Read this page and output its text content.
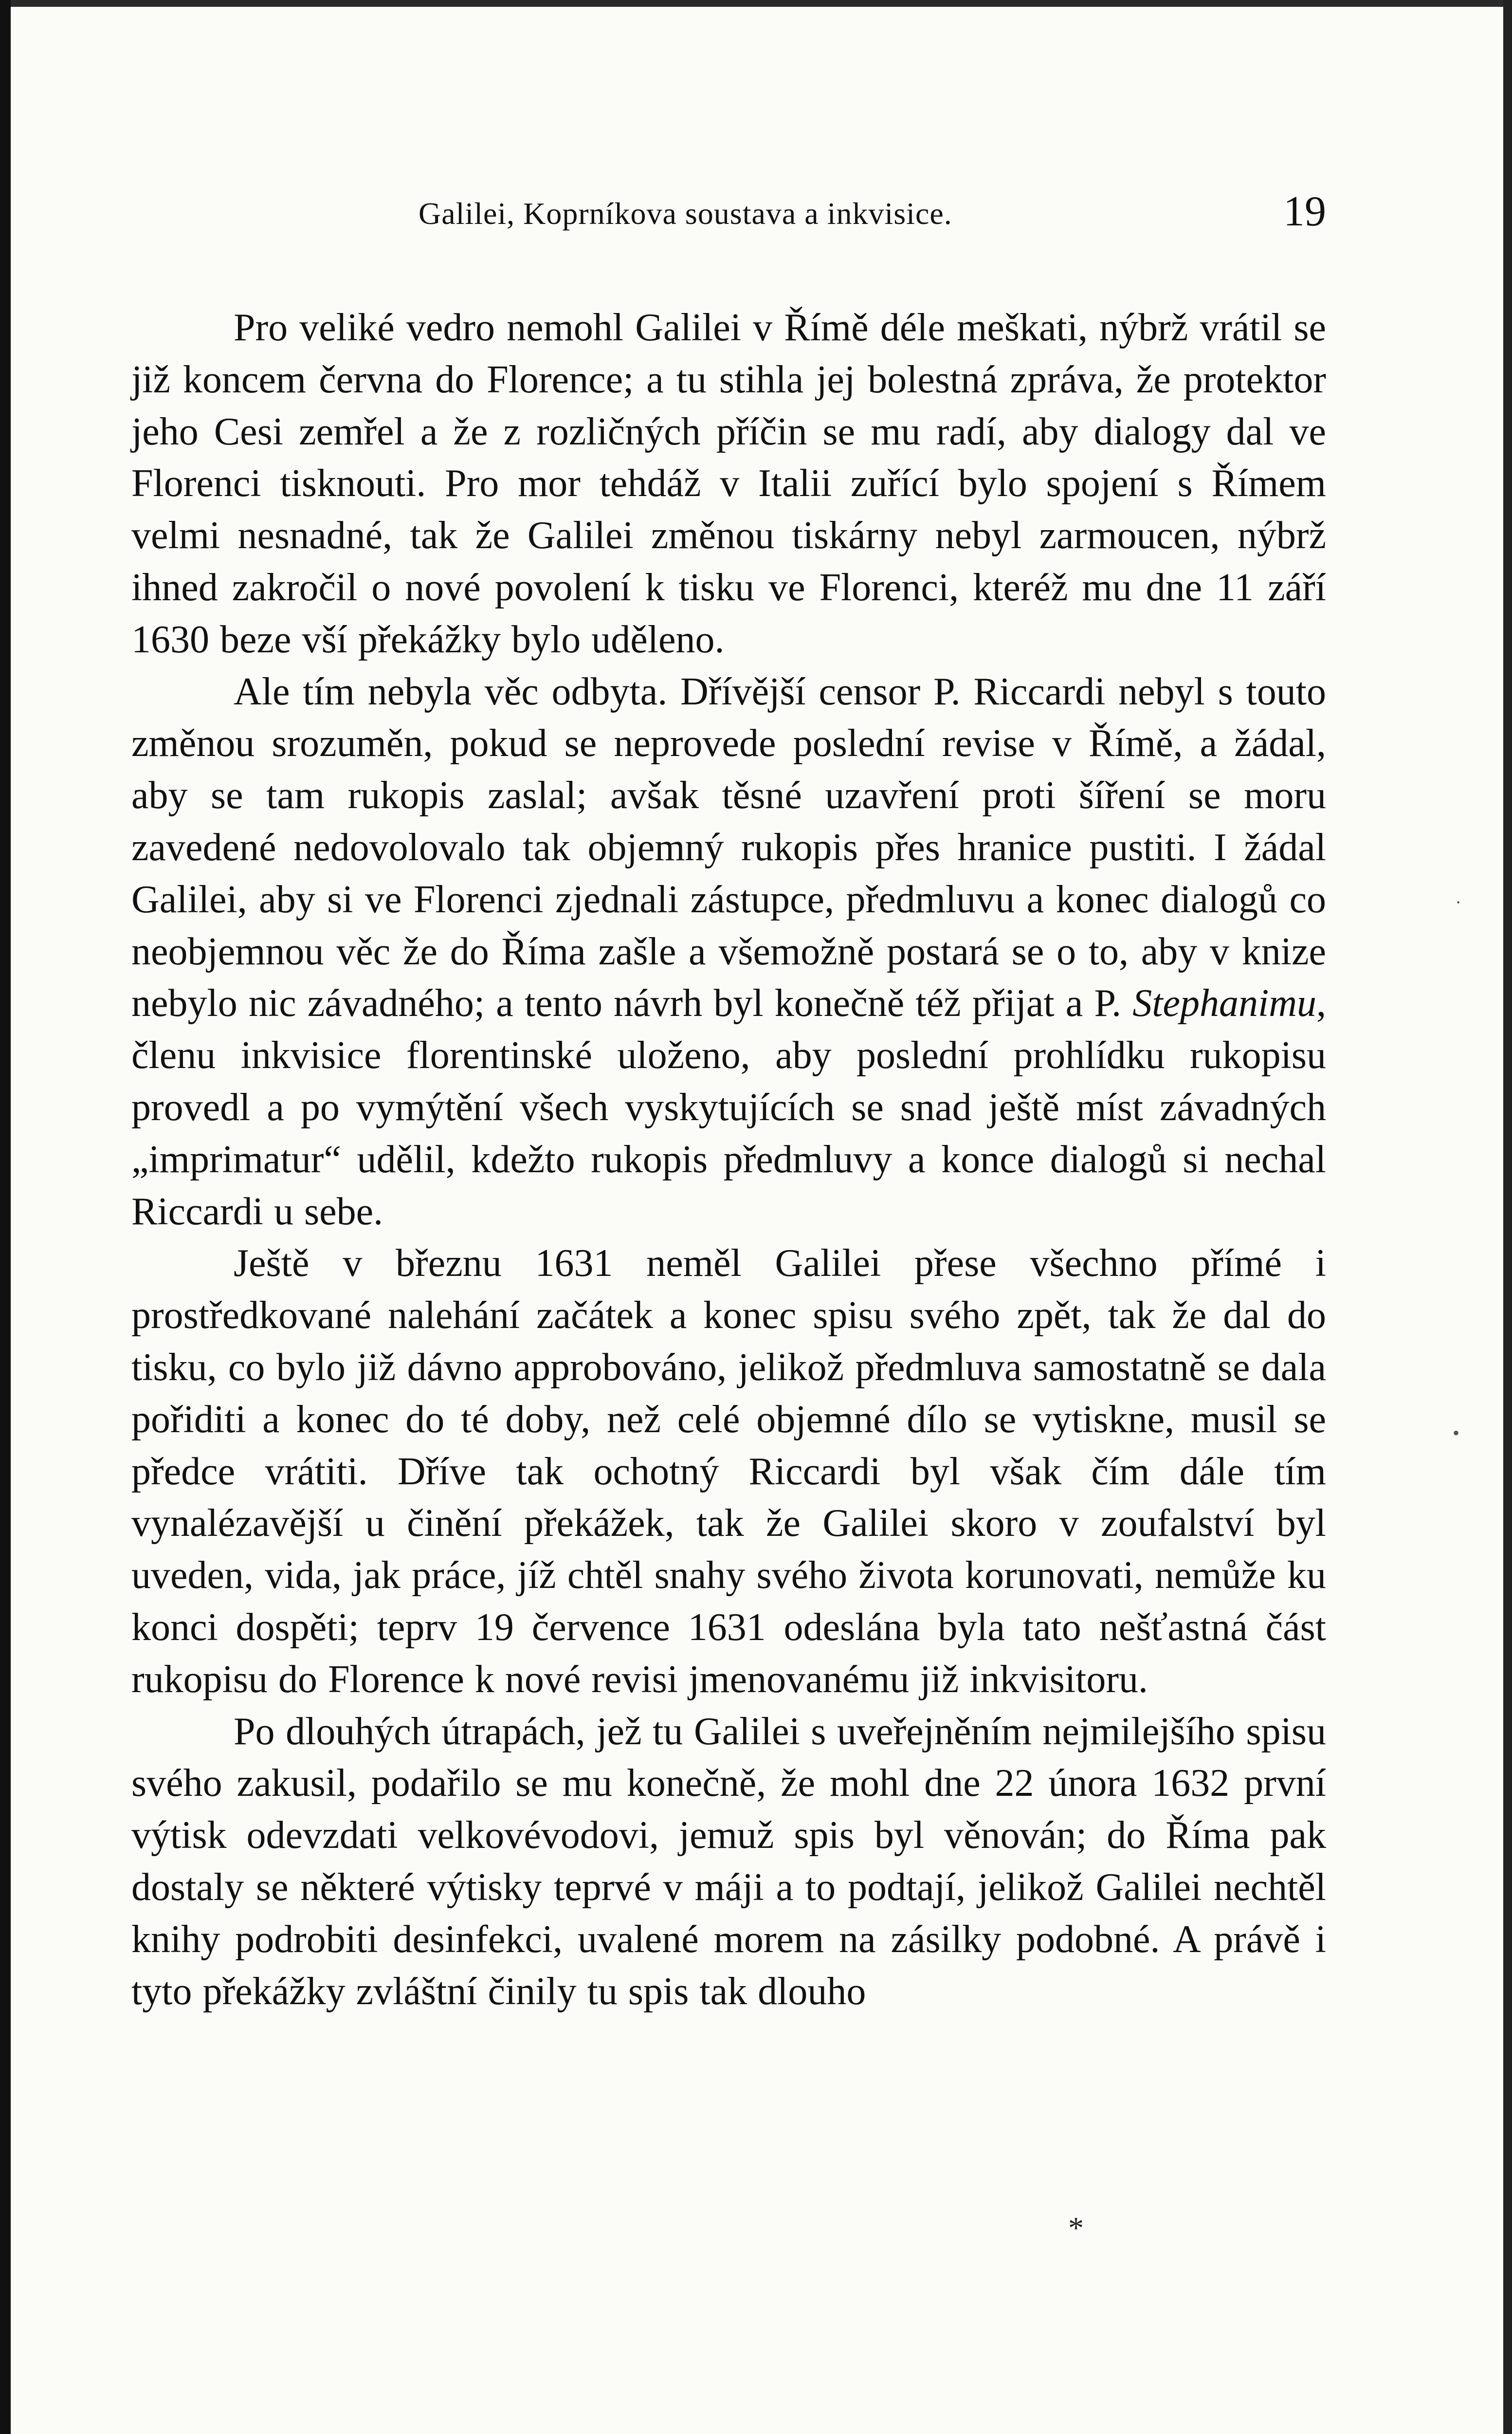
Galilei, Koprníkova soustava a inkvisice.	19

Pro veliké vedro nemohl Galilei v Římě déle meškati, nýbrž vrátil se již koncem června do Florence; a tu stihla jej bolestná zpráva, že protektor jeho Cesi zemřel a že z rozličných příčin se mu radí, aby dialogy dal ve Florenci tisknouti. Pro mor tehdáž v Italii zuřící bylo spojení s Římem velmi nesnadné, tak že Galilei změnou tiskárny nebyl zarmoucen, nýbrž ihned zakročil o nové povolení k tisku ve Florenci, kteréž mu dne 11 září 1630 beze vší překážky bylo uděleno.

Ale tím nebyla věc odbyta. Dřívější censor P. Riccardi nebyl s touto změnou srozuměn, pokud se neprovede poslední revise v Římě, a žádal, aby se tam rukopis zaslal; avšak těsné uzavření proti šíření se moru zavedené nedovolovalo tak objemný rukopis přes hranice pustiti. I žádal Galilei, aby si ve Florenci zjednali zástupce, předmluvu a konec dialogů co neobjemnou věc že do Říma zašle a všemožně postará se o to, aby v knize nebylo nic závadného; a tento návrh byl konečně též přijat a P. Stephanimu, členu inkvisice florentinské uloženo, aby poslední prohlídku rukopisu provedl a po vymýtění všech vyskytujících se snad ještě míst závadných „imprimatur“ udělil, kdežto rukopis předmluvy a konce dialogů si nechal Riccardi u sebe.

Ještě v březnu 1631 neměl Galilei přese všechno přímé i prostředkované nalehání začátek a konec spisu svého zpět, tak že dal do tisku, co bylo již dávno approbováno, jelikož předmluva samostatně se dala pořiditi a konec do té doby, než celé objemné dílo se vytiskne, musil se předce vrátiti. Dříve tak ochotný Riccardi byl však čím dále tím vynalézavější u činění překážek, tak že Galilei skoro v zoufalství byl uveden, vida, jak práce, jíž chtěl snahy svého života korunovati, nemůže ku konci dospěti; teprv 19 července 1631 odeslána byla tato nešťastná část rukopisu do Florence k nové revisi jmenovanému již inkvisitoru.

Po dlouhých útrapách, jež tu Galilei s uveřejněním nejmilejšího spisu svého zakusil, podařilo se mu konečně, že mohl dne 22 února 1632 první výtisk odevzdati velkovévodovi, jemuž spis byl věnován; do Říma pak dostaly se některé výtisky teprvé v máji a to podtají, jelikož Galilei nechtěl knihy podrobiti desinfekci, uvalené morem na zásilky podobné. A právě i tyto překážky zvláštní činily tu spis tak dlouho

*
·
•
